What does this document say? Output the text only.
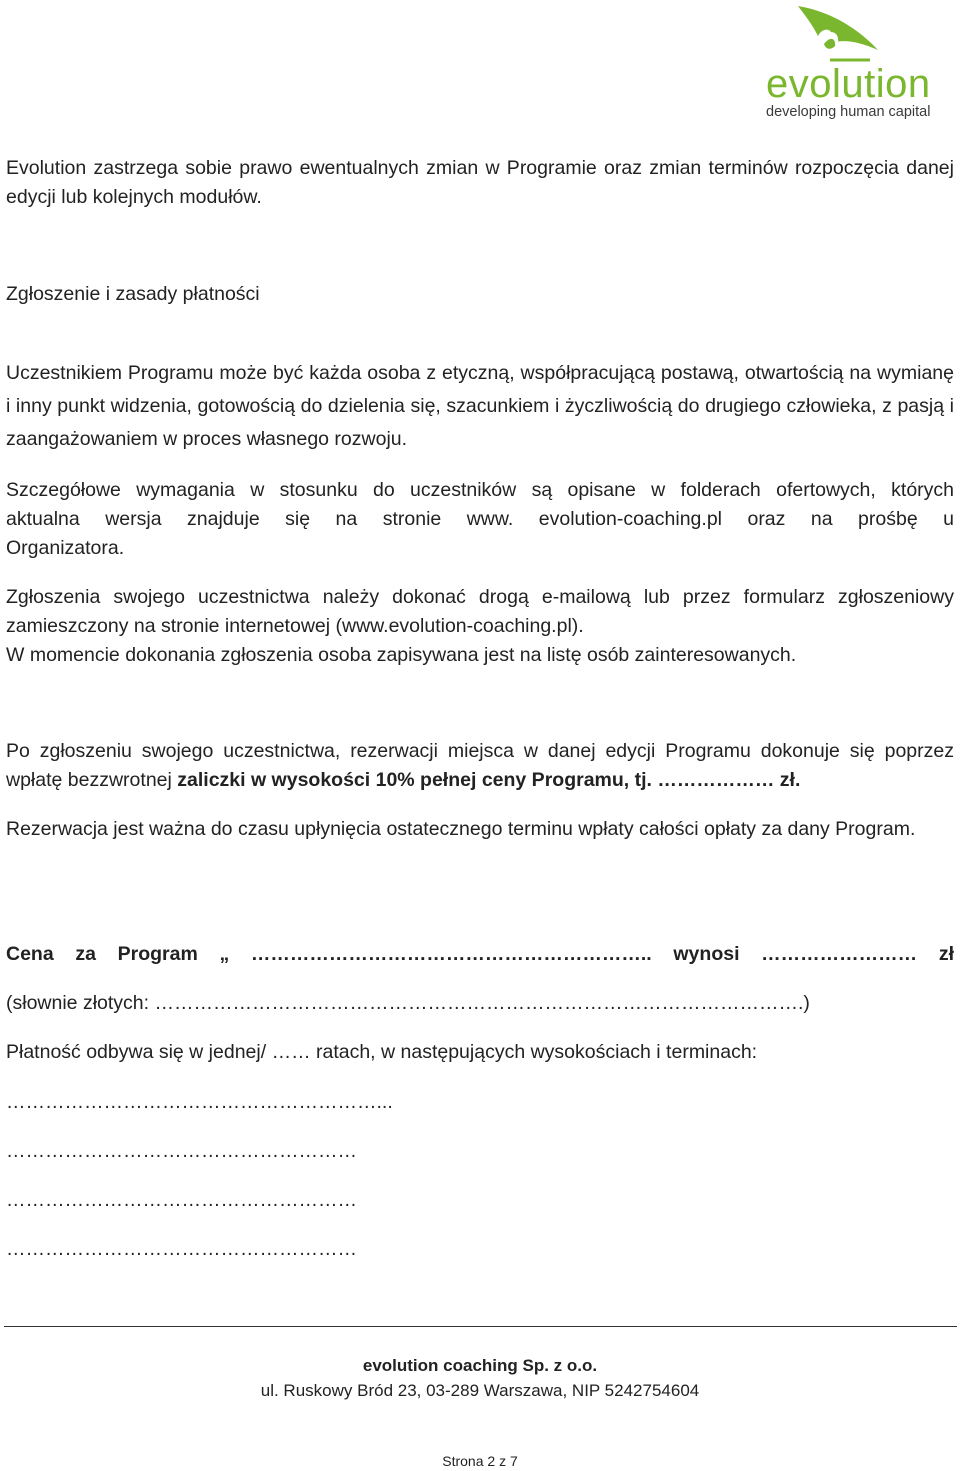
evolution
developing human capital

Evolution zastrzega sobie prawo ewentualnych zmian w Programie oraz zmian terminów rozpoczęcia danej edycji lub kolejnych modułów.

Zgłoszenie i zasady płatności

Uczestnikiem Programu może być każda osoba z etyczną, współpracującą postawą, otwartością na wymianę i inny punkt widzenia, gotowością do dzielenia się, szacunkiem i życzliwością do drugiego człowieka, z pasją i zaangażowaniem w proces własnego rozwoju.

Szczegółowe wymagania w stosunku do uczestników są opisane w folderach ofertowych, których
aktualna wersja znajduje się na stronie www. evolution-coaching.pl oraz na prośbę u
Organizatora.
Zgłoszenia swojego uczestnictwa należy dokonać drogą e-mailową lub przez formularz zgłoszeniowy zamieszczony na stronie internetowej (www.evolution-coaching.pl).
W momencie dokonania zgłoszenia osoba zapisywana jest na listę osób zainteresowanych.

Po zgłoszeniu swojego uczestnictwa, rezerwacji miejsca w danej edycji Programu dokonuje się poprzez wpłatę bezzwrotnej zaliczki w wysokości 10% pełnej ceny Programu, tj. ……………… zł.

Rezerwacja jest ważna do czasu upłynięcia ostatecznego terminu wpłaty całości opłaty za dany Program.

Cena za Program „ …………………………………………………….. wynosi …………………… zł

(słownie złotych: ……………………………………………………………………………………….)

Płatność odbywa się w jednej/ …… ratach, w następujących wysokościach i terminach:

…………………………………………………...

………………………………………………

………………………………………………

………………………………………………

evolution coaching Sp. z o.o.
ul. Ruskowy Bród 23, 03-289 Warszawa, NIP 5242754604
Strona 2 z 7
